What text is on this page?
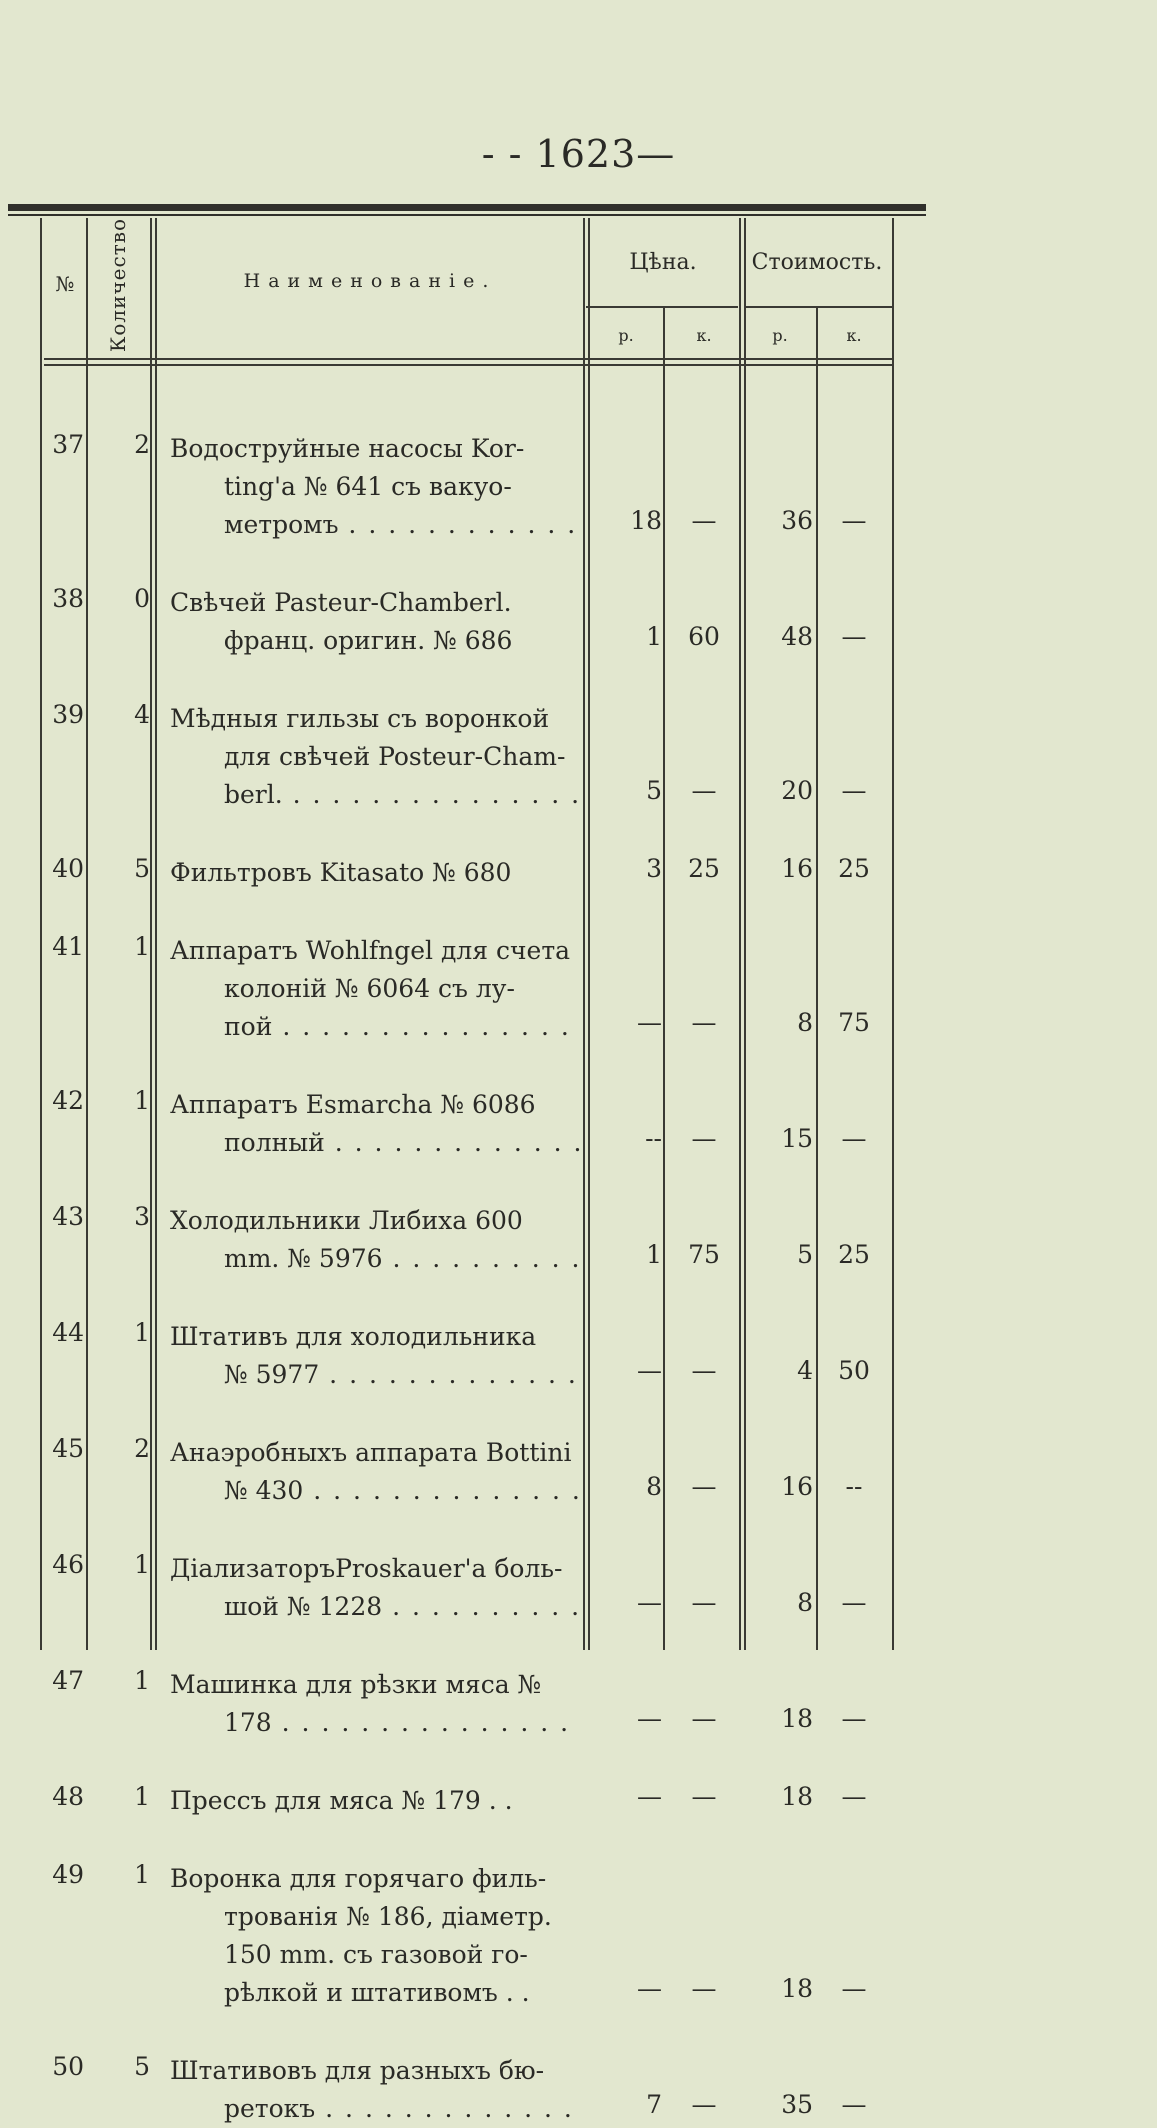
- - 1623—
№	Количество	Наименованіе.
Цѣна.	Стоимость.
р.	к.	р.	к.
37	2 Водоструйные насосы Kor-
ting'а № 641 съ вакуо-
метромъ . . .	18	—	36	—
38	0 Свѣчей Pasteur-Chamberl.
франц. оригин. № 686	1	60	48	—
39	4 Мѣдныя гильзы съ воронкой
для свѣчей Posteur-Cham-
berl. . . .	5	—	20	—
40	5 Фильтровъ Kitasato № 680	3	25	16	25
41	1 Аппаратъ Wohlfngel для счета
колоній № 6064 съ лу-
пой . . .	—	—	8	75
42	1 Аппаратъ Esmarcha № 6086
полный . . .	--	—	15	—
43	3 Холодильники Либиха 600
mm. № 5976 . . .	1	75	5	25
44	1 Штативъ для холодильника
№ 5977 . . .	—	—	4	50
45	2 Анаэробныхъ аппарата Bottini
№ 430 . . .	8	—	16	--
46	1 ДіализаторъProskauer'а боль-
шой № 1228 . . .	—	—	8	—
47	1 Машинка для рѣзки мяса №
178 . . .	—	—	18	—
48	1 Прессъ для мяса № 179 . .	—	—	18	—
49	1 Воронка для горячаго филь-
трованія № 186, діаметр.
150 mm. съ газовой го-
рѣлкой и штативомъ . .	—	—	18	—
50	5 Штативовъ для разныхъ бю-
ретокъ . . .	7	—	35	—
